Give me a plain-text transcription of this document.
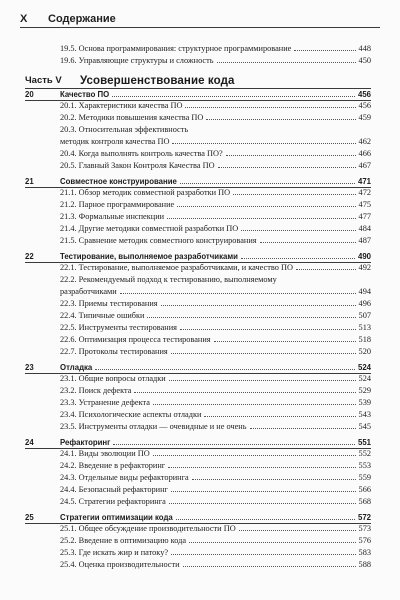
X	Содержание
19.5. Основа программирования: структурное программирование	448
19.6. Управляющие структуры и сложность	450
Часть V	Усовершенствование кода
20	Качество ПО	456
20.1. Характеристики качества ПО	456
20.2. Методики повышения качества ПО	459
20.3. Относительная эффективность
методик контроля качества ПО	462
20.4. Когда выполнять контроль качества ПО?	466
20.5. Главный Закон Контроля Качества ПО	467
21	Совместное конструирование	471
21.1. Обзор методик совместной разработки ПО	472
21.2. Парное программирование	475
21.3. Формальные инспекции	477
21.4. Другие методики совместной разработки ПО	484
21.5. Сравнение методик совместного конструирования	487
22	Тестирование, выполняемое разработчиками	490
22.1. Тестирование, выполняемое разработчиками, и качество ПО	492
22.2. Рекомендуемый подход к тестированию, выполняемому
разработчиками	494
22.3. Приемы тестирования	496
22.4. Типичные ошибки	507
22.5. Инструменты тестирования	513
22.6. Оптимизация процесса тестирования	518
22.7. Протоколы тестирования	520
23	Отладка	524
23.1. Общие вопросы отладки	524
23.2. Поиск дефекта	529
23.3. Устранение дефекта	539
23.4. Психологические аспекты отладки	543
23.5. Инструменты отладки — очевидные и не очень	545
24	Рефакторинг	551
24.1. Виды эволюции ПО	552
24.2. Введение в рефакторинг	553
24.3. Отдельные виды рефакторинга	559
24.4. Безопасный рефакторинг	566
24.5. Стратегии рефакторинга	568
25	Стратегии оптимизации кода	572
25.1. Общее обсуждение производительности ПО	573
25.2. Введение в оптимизацию кода	576
25.3. Где искать жир и патоку?	583
25.4. Оценка производительности	588
